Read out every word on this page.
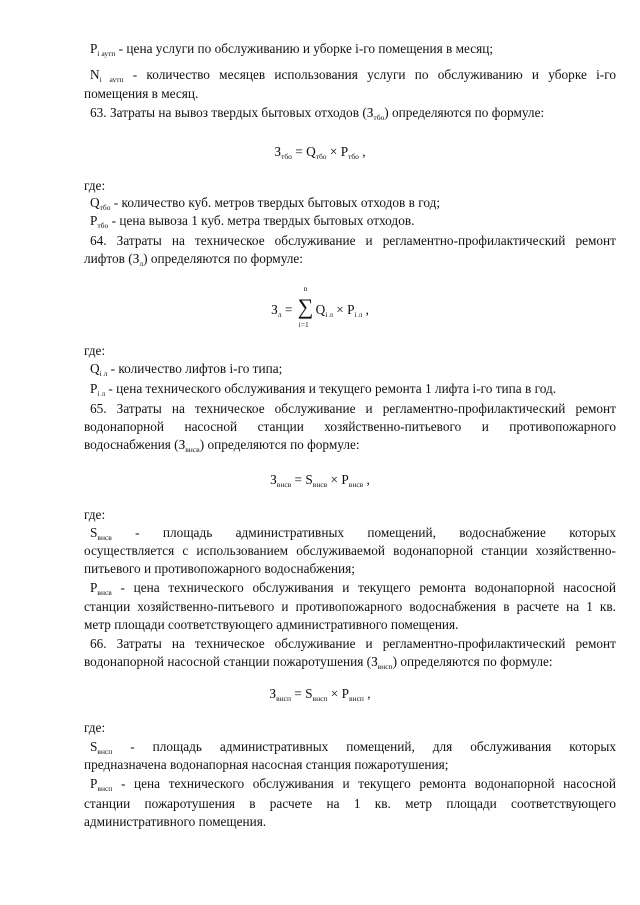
$P_{i аутп}$ - цена услуги по обслуживанию и уборке i-го помещения в месяц;
$N_{i аутп}$ - количество месяцев использования услуги по обслуживанию и уборке i-го
помещения в месяц.
63. Затраты на вывоз твердых бытовых отходов $(З_{тбо})$ определяются по формуле:
$З_{тбо} = Q_{тбо} \times P_{тбо}$ ,
где:
$Q_{тбо}$ - количество куб. метров твердых бытовых отходов в год;
$P_{тбо}$ - цена вывоза 1 куб. метра твердых бытовых отходов.
64. Затраты на техническое обслуживание и регламентно-профилактический ремонт
лифтов $(З_л)$ определяются по формуле:
$З_л$ =
n
∑
i=1
$Q_{i л} \times P_{i л}$ ,
где:
$Q_{i л}$ - количество лифтов i-го типа;
$P_{i л}$ - цена технического обслуживания и текущего ремонта 1 лифта i-го типа в год.
65. Затраты на техническое обслуживание и регламентно-профилактический ремонт
водонапорной насосной станции хозяйственно-питьевого и противопожарного
водоснабжения $(З_{внсв})$ определяются по формуле:
$З_{внсв} = S_{внсв} \times P_{внсв}$ ,
где:
$S_{внсв}$ - площадь административных помещений, водоснабжение которых
осуществляется с использованием обслуживаемой водонапорной станции хозяйственно-
питьевого и противопожарного водоснабжения;
$P_{внсв}$ - цена технического обслуживания и текущего ремонта водонапорной насосной
станции хозяйственно-питьевого и противопожарного водоснабжения в расчете на 1 кв.
метр площади соответствующего административного помещения.
66. Затраты на техническое обслуживание и регламентно-профилактический ремонт
водонапорной насосной станции пожаротушения $(З_{внсп})$ определяются по формуле:
$З_{внсп} = S_{внсп} \times P_{внсп}$ ,
где:
$S_{внсп}$ - площадь административных помещений, для обслуживания которых
предназначена водонапорная насосная станция пожаротушения;
$P_{внсп}$ - цена технического обслуживания и текущего ремонта водонапорной насосной
станции пожаротушения в расчете на 1 кв. метр площади соответствующего
административного помещения.
